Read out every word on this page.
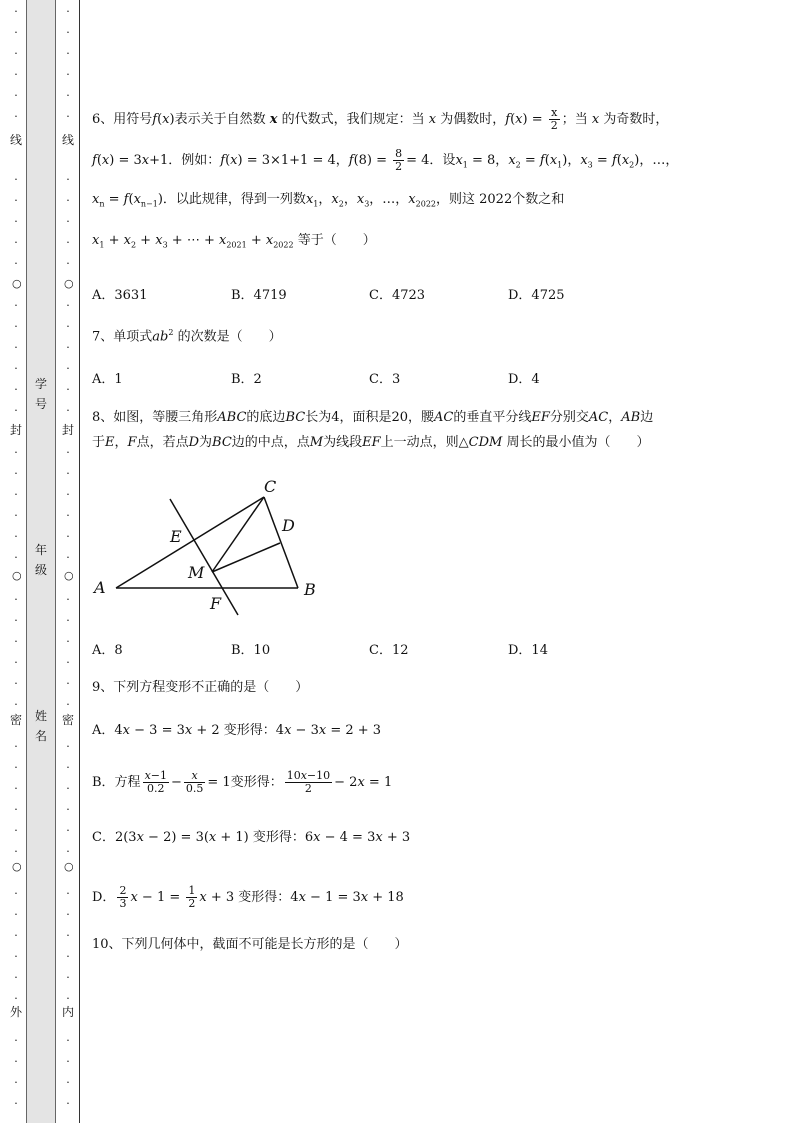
·
·
·
·
·
·
·
·
·
·
·
·
·
·
·
·
·
·
·
·
·
·
·
·
·
·
·
·
·
·
·
·
·
·
·
·
·
·
·
·
·
·
·
·
·
线
封
密
外
○
○
○
·
·
·
·
·
·
·
·
·
·
·
·
·
·
·
·
·
·
·
·
·
·
·
·
·
·
·
·
·
·
·
·
·
·
·
·
·
·
·
·
·
·
·
·
·
线
封
密
内
○
○
○
学
号
年
级
姓
名
6、用符号f(x)表示关于自然数 x 的代数式，我们规定：当 x 为偶数时，$f(x) = \frac{x}{2}$ ；当 x 为奇数时，
f(x) = 3x+1．例如：f(x) = 3×1+1 = 4，$f(8) = \frac{8}{2} = 4$．设$x_1 = 8$，$x_2 = f(x_1)$，$x_3 = f(x_2)$，…，
$x_n = f(x_{n-1})$．以此规律，得到一列数$x_1$，$x_2$，$x_3$，…，$x_{2022}$，则这 2022个数之和
$x_1 + x_2 + x_3$ + ⋯ + $x_{2021} + x_{2022}$ 等于（　　）
A．3631	B．4719	C．4723	D．4725
7、单项式$ab^2$ 的次数是（　　）
A．1	B．2	C．3	D．4
8、如图，等腰三角形ABC的底边BC长为4，面积是20，腰AC的垂直平分线EF分别交AC，AB边
于E，F点，若点D为BC边的中点，点M为线段EF上一动点，则△CDM 周长的最小值为（　　）
C
E
D
M
A
F
B
A．8	B．10	C．12	D．14
9、下列方程变形不正确的是（　　）
A．4x − 3 = 3x + 2 变形得：4x − 3x = 2 + 3
B．方程 $\frac{x-1}{0.2} - \frac{x}{0.5} = 1$变形得： $\frac{10x-10}{2} - 2x = 1$
C．2(3x − 2) = 3(x + 1) 变形得：6x − 4 = 3x + 3
D． $\frac{2}{3}$ $x - 1 = \frac{1}{2}$ x + 3 变形得：4x − 1 = 3x + 18
10、下列几何体中，截面不可能是长方形的是（　　）
